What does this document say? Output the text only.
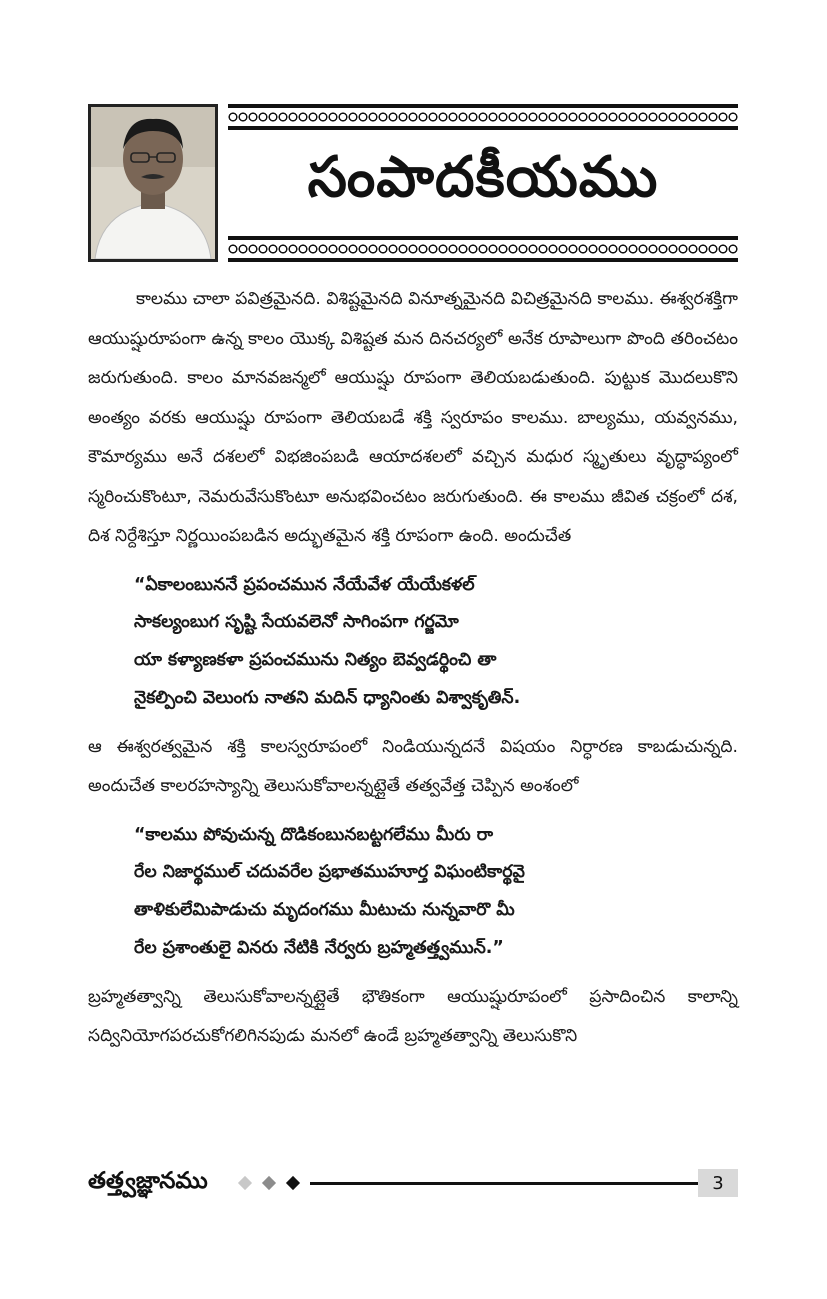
సంపాదకీయము

కాలము చాలా పవిత్రమైనది. విశిష్టమైనది వినూత్నమైనది విచిత్రమైనది కాలము. ఈశ్వరశక్తిగా ఆయుష్షురూపంగా ఉన్న కాలం యొక్క విశిష్టత మన దినచర్యలో అనేక రూపాలుగా పొంది తరించటం జరుగుతుంది. కాలం మానవజన్మలో ఆయుష్షు రూపంగా తెలియబడుతుంది. పుట్టుక మొదలుకొని అంత్యం వరకు ఆయుష్షు రూపంగా తెలియబడే శక్తి స్వరూపం కాలము. బాల్యము, యవ్వనము, కౌమార్యము అనే దశలలో విభజింపబడి ఆయాదశలలో వచ్చిన మధుర స్మృతులు వృద్ధాప్యంలో స్మరించుకొంటూ, నెమరువేసుకొంటూ అనుభవించటం జరుగుతుంది. ఈ కాలము జీవిత చక్రంలో దశ, దిశ నిర్దేశిస్తూ నిర్ణయింపబడిన అద్భుతమైన శక్తి రూపంగా ఉంది. అందుచేత

“ఏకాలంబుననే ప్రపంచమున నేయేవేళ యేయేకళల్
సాకల్యంబుగ సృష్టి సేయవలెనో సాగింపగా గర్జమో
యా కళ్యాణకళా ప్రపంచమును నిత్యం బెవ్వడర్థించి తా
నైకల్పించి వెలుంగు నాతని మదిన్ ధ్యానింతు విశ్వాకృతిన్.

ఆ ఈశ్వరత్వమైన శక్తి కాలస్వరూపంలో నిండియున్నదనే విషయం నిర్ధారణ కాబడుచున్నది. అందుచేత కాలరహస్యాన్ని తెలుసుకోవాలన్నట్లైతే తత్వవేత్త చెప్పిన అంశంలో

“కాలము పోవుచున్న దొడికంబునబట్టగలేము మీరు రా
రేల నిజార్థముల్ చదువరేల ప్రభాతముహూర్త విఘంటికార్థవై
తాళికులేమిపాడుచు మృదంగము మీటుచు నున్నవారొ మీ
రేల ప్రశాంతులై వినరు నేటికి నేర్వరు బ్రహ్మతత్త్వమున్.”

బ్రహ్మతత్వాన్ని తెలుసుకోవాలన్నట్లైతే భౌతికంగా ఆయుష్షురూపంలో ప్రసాదించిన కాలాన్ని సద్వినియోగపరచుకోగలిగినపుడు మనలో ఉండే బ్రహ్మతత్వాన్ని తెలుసుకొని

తత్త్వజ్ఞానము	3
